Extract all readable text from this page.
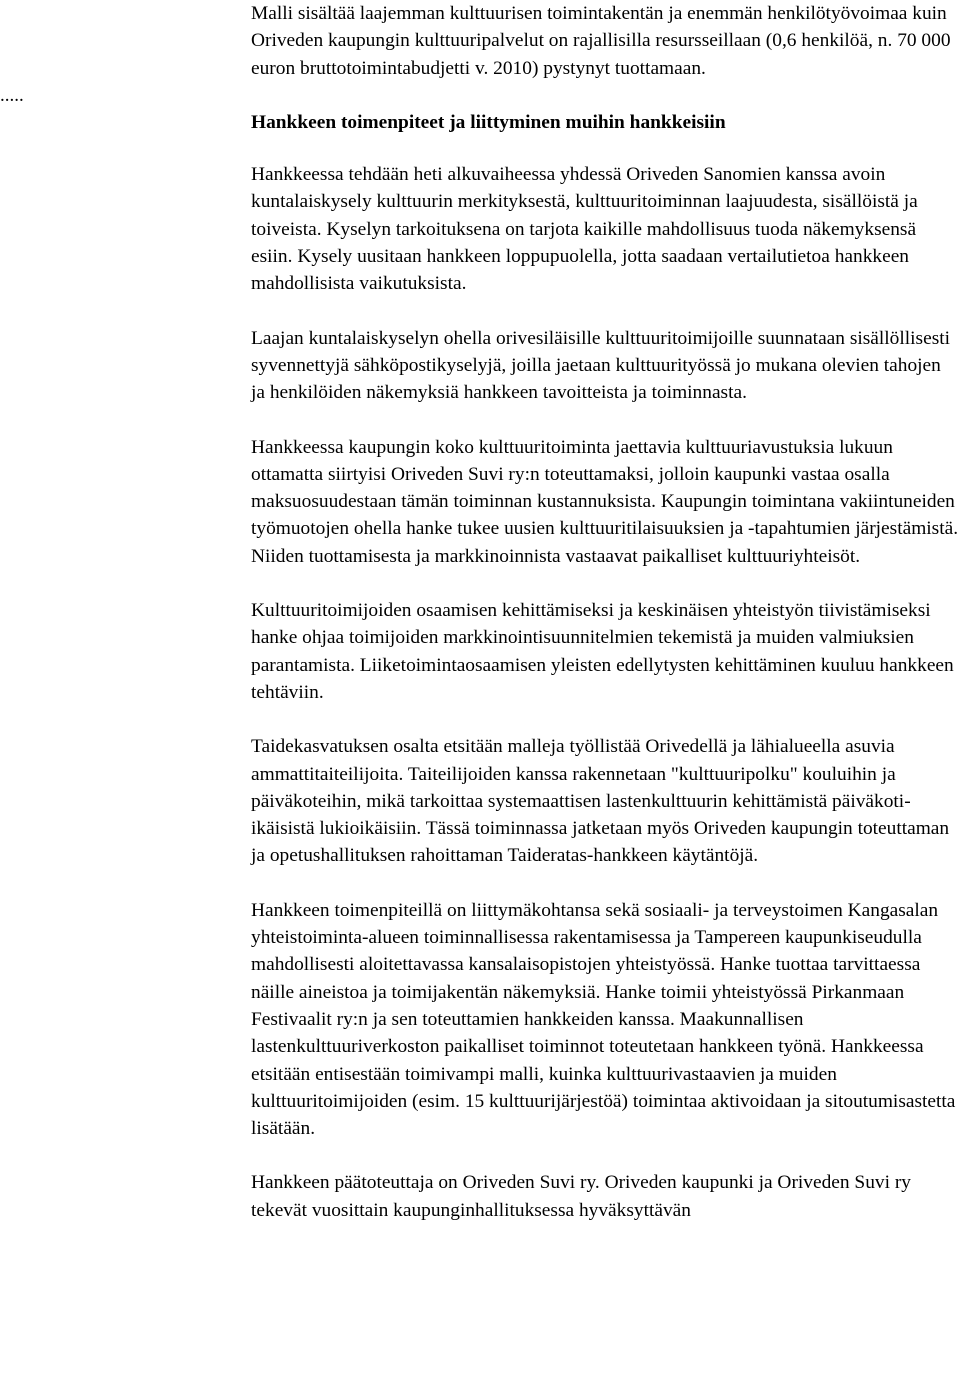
.....

Malli sisältää laajemman kulttuurisen toimintakentän ja enemmän henkilötyövoimaa kuin Oriveden kaupungin kulttuuripalvelut on rajallisilla resursseillaan (0,6 henkilöä, n. 70 000 euron bruttotoimintabudjetti v. 2010) pystynyt tuottamaan.

Hankkeen toimenpiteet ja liittyminen muihin hankkeisiin

Hankkeessa tehdään heti alkuvaiheessa yhdessä Oriveden Sanomien kanssa avoin kuntalaiskysely kulttuurin merkityksestä, kulttuuritoiminnan laajuudesta, sisällöistä ja toiveista. Kyselyn tarkoituksena on tarjota kaikille mahdollisuus tuoda näkemyksensä esiin. Kysely uusitaan hankkeen loppupuolella, jotta saadaan vertailutietoa hankkeen mahdollisista vaikutuksista.

Laajan kuntalaiskyselyn ohella orivesiläisille kulttuuritoimijoille suunnataan sisällöllisesti syvennettyjä sähköpostikyselyjä, joilla jaetaan kulttuurityössä jo mukana olevien tahojen ja henkilöiden näkemyksiä hankkeen tavoitteista ja toiminnasta.

Hankkeessa kaupungin koko kulttuuritoiminta jaettavia kulttuuriavustuksia lukuun ottamatta siirtyisi Oriveden Suvi ry:n toteuttamaksi, jolloin kaupunki vastaa osalla maksuosuudestaan tämän toiminnan kustannuksista. Kaupungin toimintana vakiintuneiden työmuotojen ohella hanke tukee uusien kulttuuritilaisuuksien ja -tapahtumien järjestämistä. Niiden tuottamisesta ja markkinoinnista vastaavat paikalliset kulttuuriyhteisöt.

Kulttuuritoimijoiden osaamisen kehittämiseksi ja keskinäisen yhteistyön tiivistämiseksi hanke ohjaa toimijoiden markkinointisuunnitelmien tekemistä ja muiden valmiuksien parantamista. Liiketoimintaosaamisen yleisten edellytysten kehittäminen kuuluu hankkeen tehtäviin.

Taidekasvatuksen osalta etsitään malleja työllistää Orivedellä ja lähialueella asuvia ammattitaiteilijoita. Taiteilijoiden kanssa rakennetaan "kulttuuripolku" kouluihin ja päiväkoteihin, mikä tarkoittaa systemaattisen lastenkulttuurin kehittämistä päiväkoti-ikäisistä lukioikäisiin. Tässä toiminnassa jatketaan myös Oriveden kaupungin toteuttaman ja opetushallituksen rahoittaman Taideratas-hankkeen käytäntöjä.

Hankkeen toimenpiteillä on liittymäkohtansa sekä sosiaali- ja terveystoimen Kangasalan yhteistoiminta-alueen toiminnallisessa rakentamisessa ja Tampereen kaupunkiseudulla mahdollisesti aloitettavassa kansalaisopistojen yhteistyössä. Hanke tuottaa tarvittaessa näille aineistoa ja toimijakentän näkemyksiä. Hanke toimii yhteistyössä Pirkanmaan Festivaalit ry:n ja sen toteuttamien hankkeiden kanssa. Maakunnallisen lastenkulttuuriverkoston paikalliset toiminnot toteutetaan hankkeen työnä. Hankkeessa etsitään entisestään toimivampi malli, kuinka kulttuurivastaavien ja muiden kulttuuritoimijoiden (esim. 15 kulttuurijärjestöä) toimintaa aktivoidaan ja sitoutumisastetta lisätään.

Hankkeen päätoteuttaja on Oriveden Suvi ry. Oriveden kaupunki ja Oriveden Suvi ry tekevät vuosittain kaupunginhallituksessa hyväksyttävän
